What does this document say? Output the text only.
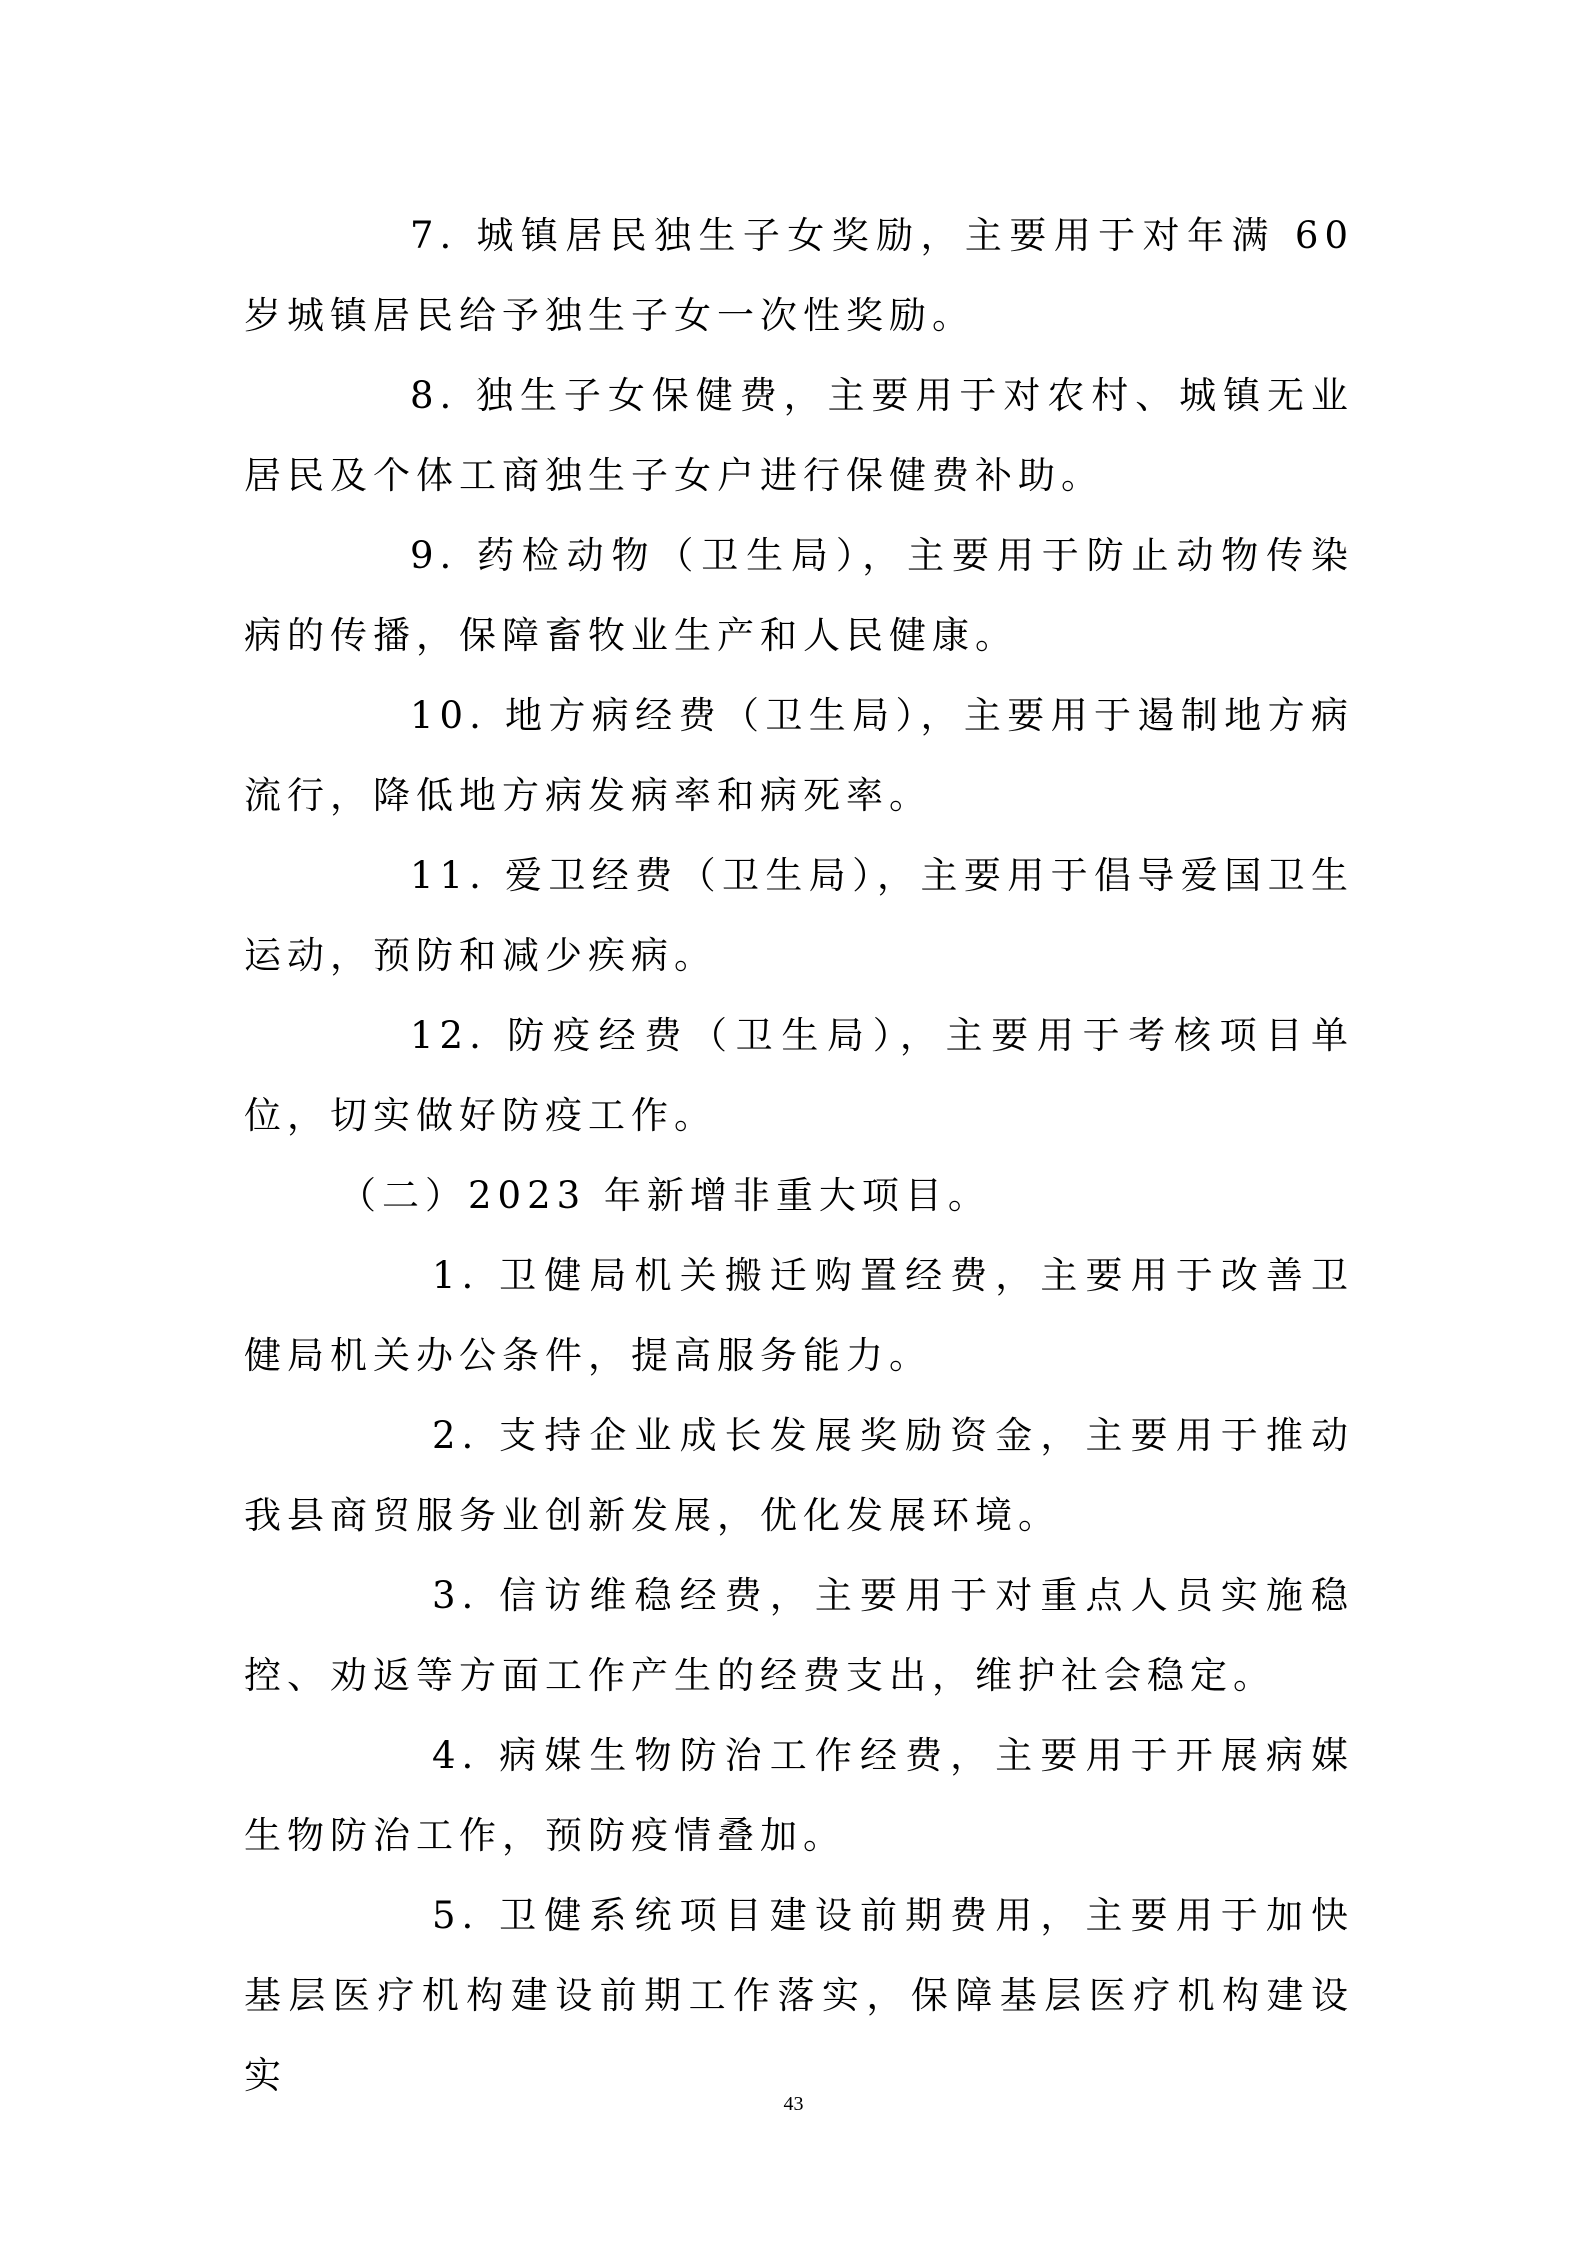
7. 城镇居民独生子女奖励，主要用于对年满 60 岁城镇居民给予独生子女一次性奖励。

8. 独生子女保健费，主要用于对农村、城镇无业居民及个体工商独生子女户进行保健费补助。

9. 药检动物（卫生局），主要用于防止动物传染病的传播，保障畜牧业生产和人民健康。

10. 地方病经费（卫生局），主要用于遏制地方病流行，降低地方病发病率和病死率。

11. 爱卫经费（卫生局），主要用于倡导爱国卫生运动，预防和减少疾病。

12. 防疫经费（卫生局），主要用于考核项目单位，切实做好防疫工作。

（二）2023 年新增非重大项目。

1. 卫健局机关搬迁购置经费，主要用于改善卫健局机关办公条件，提高服务能力。

2. 支持企业成长发展奖励资金，主要用于推动我县商贸服务业创新发展，优化发展环境。

3. 信访维稳经费，主要用于对重点人员实施稳控、劝返等方面工作产生的经费支出，维护社会稳定。

4. 病媒生物防治工作经费，主要用于开展病媒生物防治工作，预防疫情叠加。

5. 卫健系统项目建设前期费用，主要用于加快基层医疗机构建设前期工作落实，保障基层医疗机构建设实

43
